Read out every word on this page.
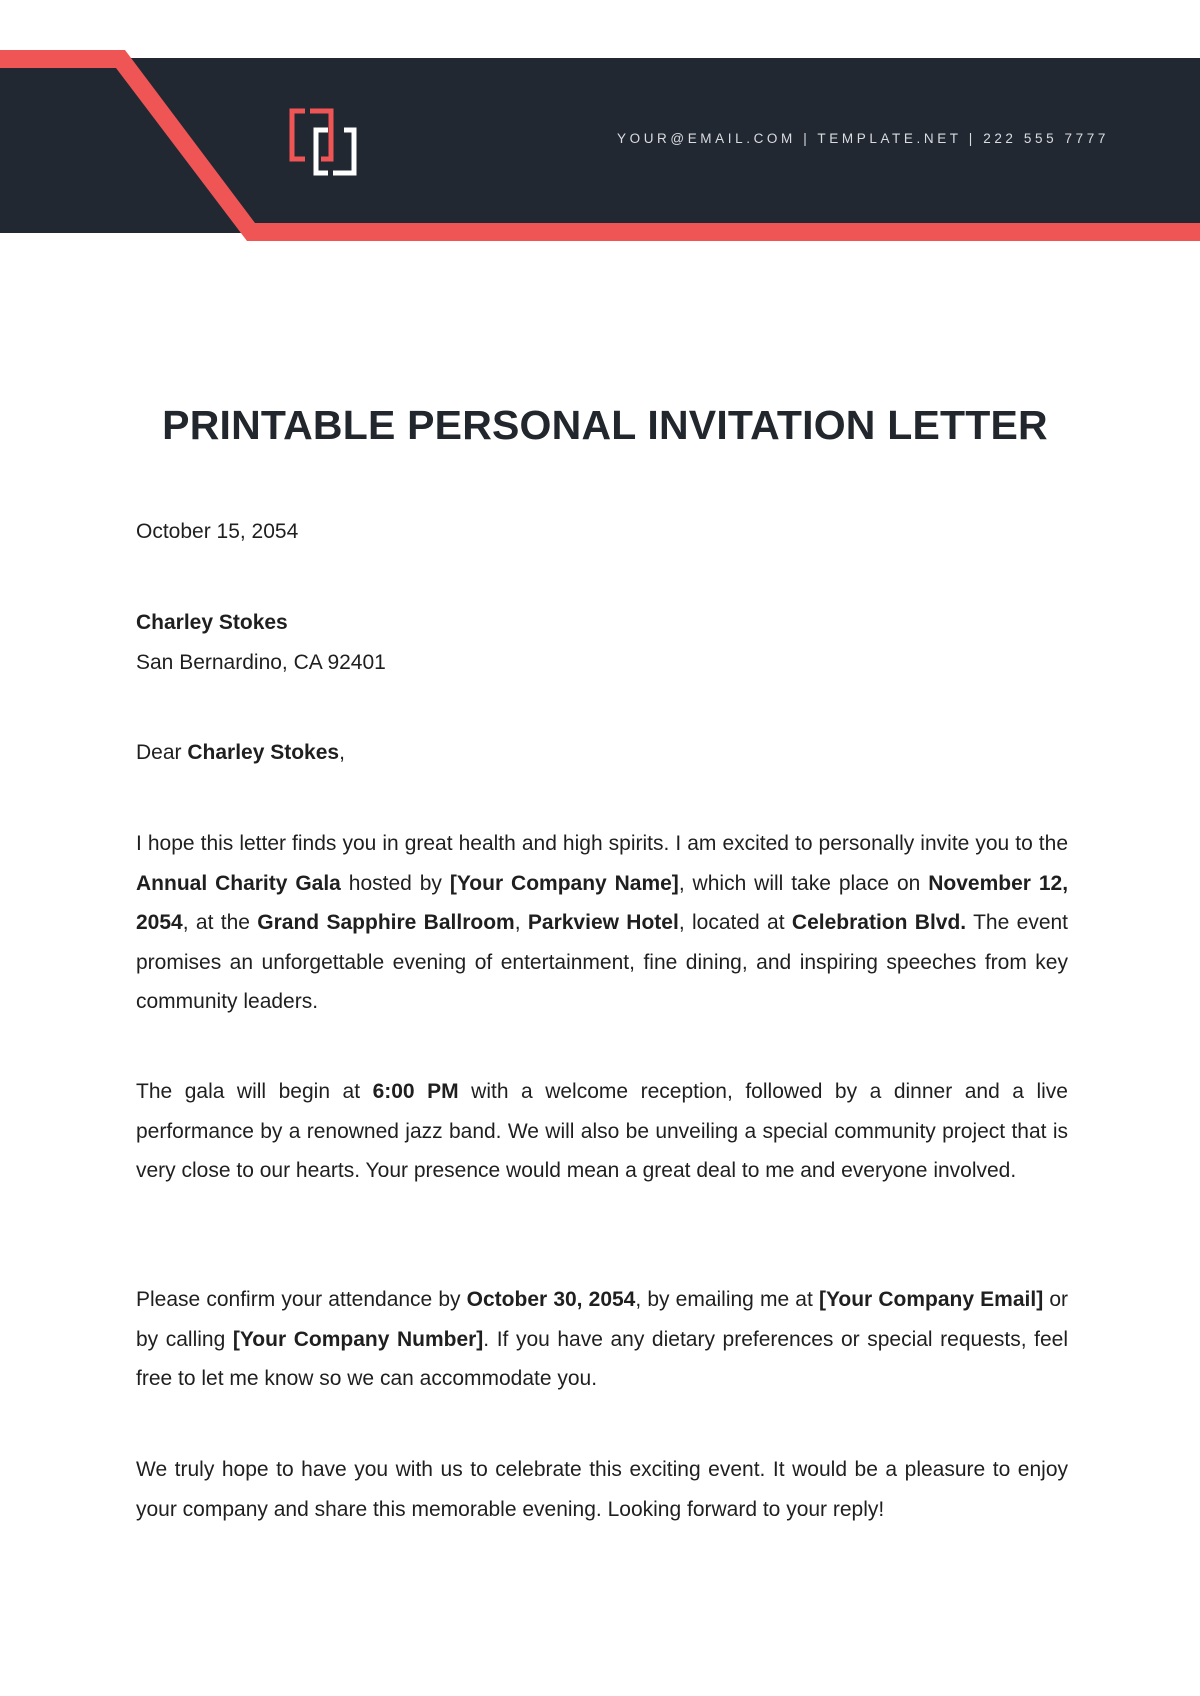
YOUR@EMAIL.COM | TEMPLATE.NET | 222 555 7777
PRINTABLE PERSONAL INVITATION LETTER
October 15, 2054
Charley Stokes
San Bernardino, CA 92401
Dear Charley Stokes,

I hope this letter finds you in great health and high spirits. I am excited to personally invite you to the Annual Charity Gala hosted by [Your Company Name], which will take place on November 12, 2054, at the Grand Sapphire Ballroom, Parkview Hotel, located at Celebration Blvd. The event promises an unforgettable evening of entertainment, fine dining, and inspiring speeches from key community leaders.

The gala will begin at 6:00 PM with a welcome reception, followed by a dinner and a live performance by a renowned jazz band. We will also be unveiling a special community project that is very close to our hearts. Your presence would mean a great deal to me and everyone involved.

Please confirm your attendance by October 30, 2054, by emailing me at [Your Company Email] or by calling [Your Company Number]. If you have any dietary preferences or special requests, feel free to let me know so we can accommodate you.

We truly hope to have you with us to celebrate this exciting event. It would be a pleasure to enjoy your company and share this memorable evening. Looking forward to your reply!
